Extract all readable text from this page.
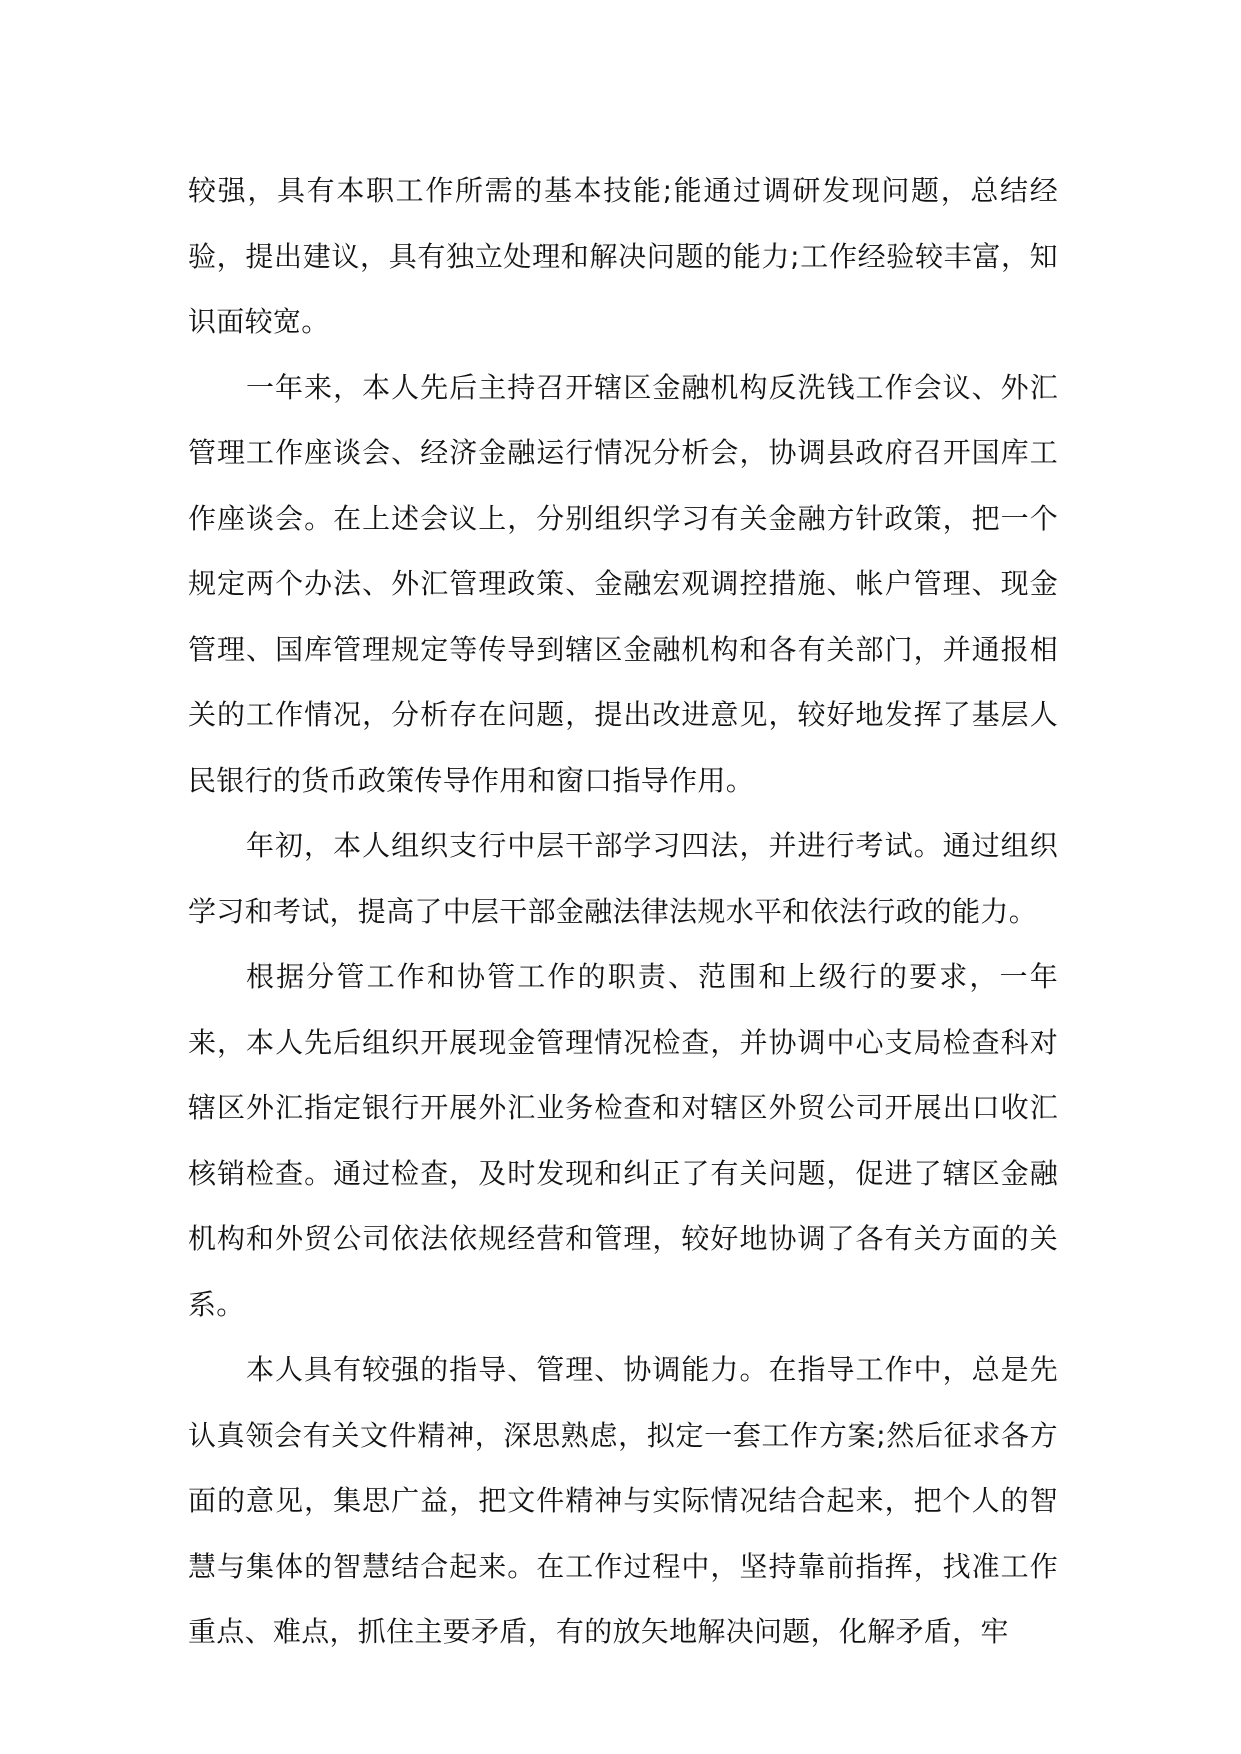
较强，具有本职工作所需的基本技能;能通过调研发现问题，总结经验，提出建议，具有独立处理和解决问题的能力;工作经验较丰富，知识面较宽。

一年来，本人先后主持召开辖区金融机构反洗钱工作会议、外汇管理工作座谈会、经济金融运行情况分析会，协调县政府召开国库工作座谈会。在上述会议上，分别组织学习有关金融方针政策，把一个规定两个办法、外汇管理政策、金融宏观调控措施、帐户管理、现金管理、国库管理规定等传导到辖区金融机构和各有关部门，并通报相关的工作情况，分析存在问题，提出改进意见，较好地发挥了基层人民银行的货币政策传导作用和窗口指导作用。

年初，本人组织支行中层干部学习四法，并进行考试。通过组织学习和考试，提高了中层干部金融法律法规水平和依法行政的能力。

根据分管工作和协管工作的职责、范围和上级行的要求，一年来，本人先后组织开展现金管理情况检查，并协调中心支局检查科对辖区外汇指定银行开展外汇业务检查和对辖区外贸公司开展出口收汇核销检查。通过检查，及时发现和纠正了有关问题，促进了辖区金融机构和外贸公司依法依规经营和管理，较好地协调了各有关方面的关系。

本人具有较强的指导、管理、协调能力。在指导工作中，总是先认真领会有关文件精神，深思熟虑，拟定一套工作方案;然后征求各方面的意见，集思广益，把文件精神与实际情况结合起来，把个人的智慧与集体的智慧结合起来。在工作过程中，坚持靠前指挥，找准工作重点、难点，抓住主要矛盾，有的放矢地解决问题，化解矛盾，牢
